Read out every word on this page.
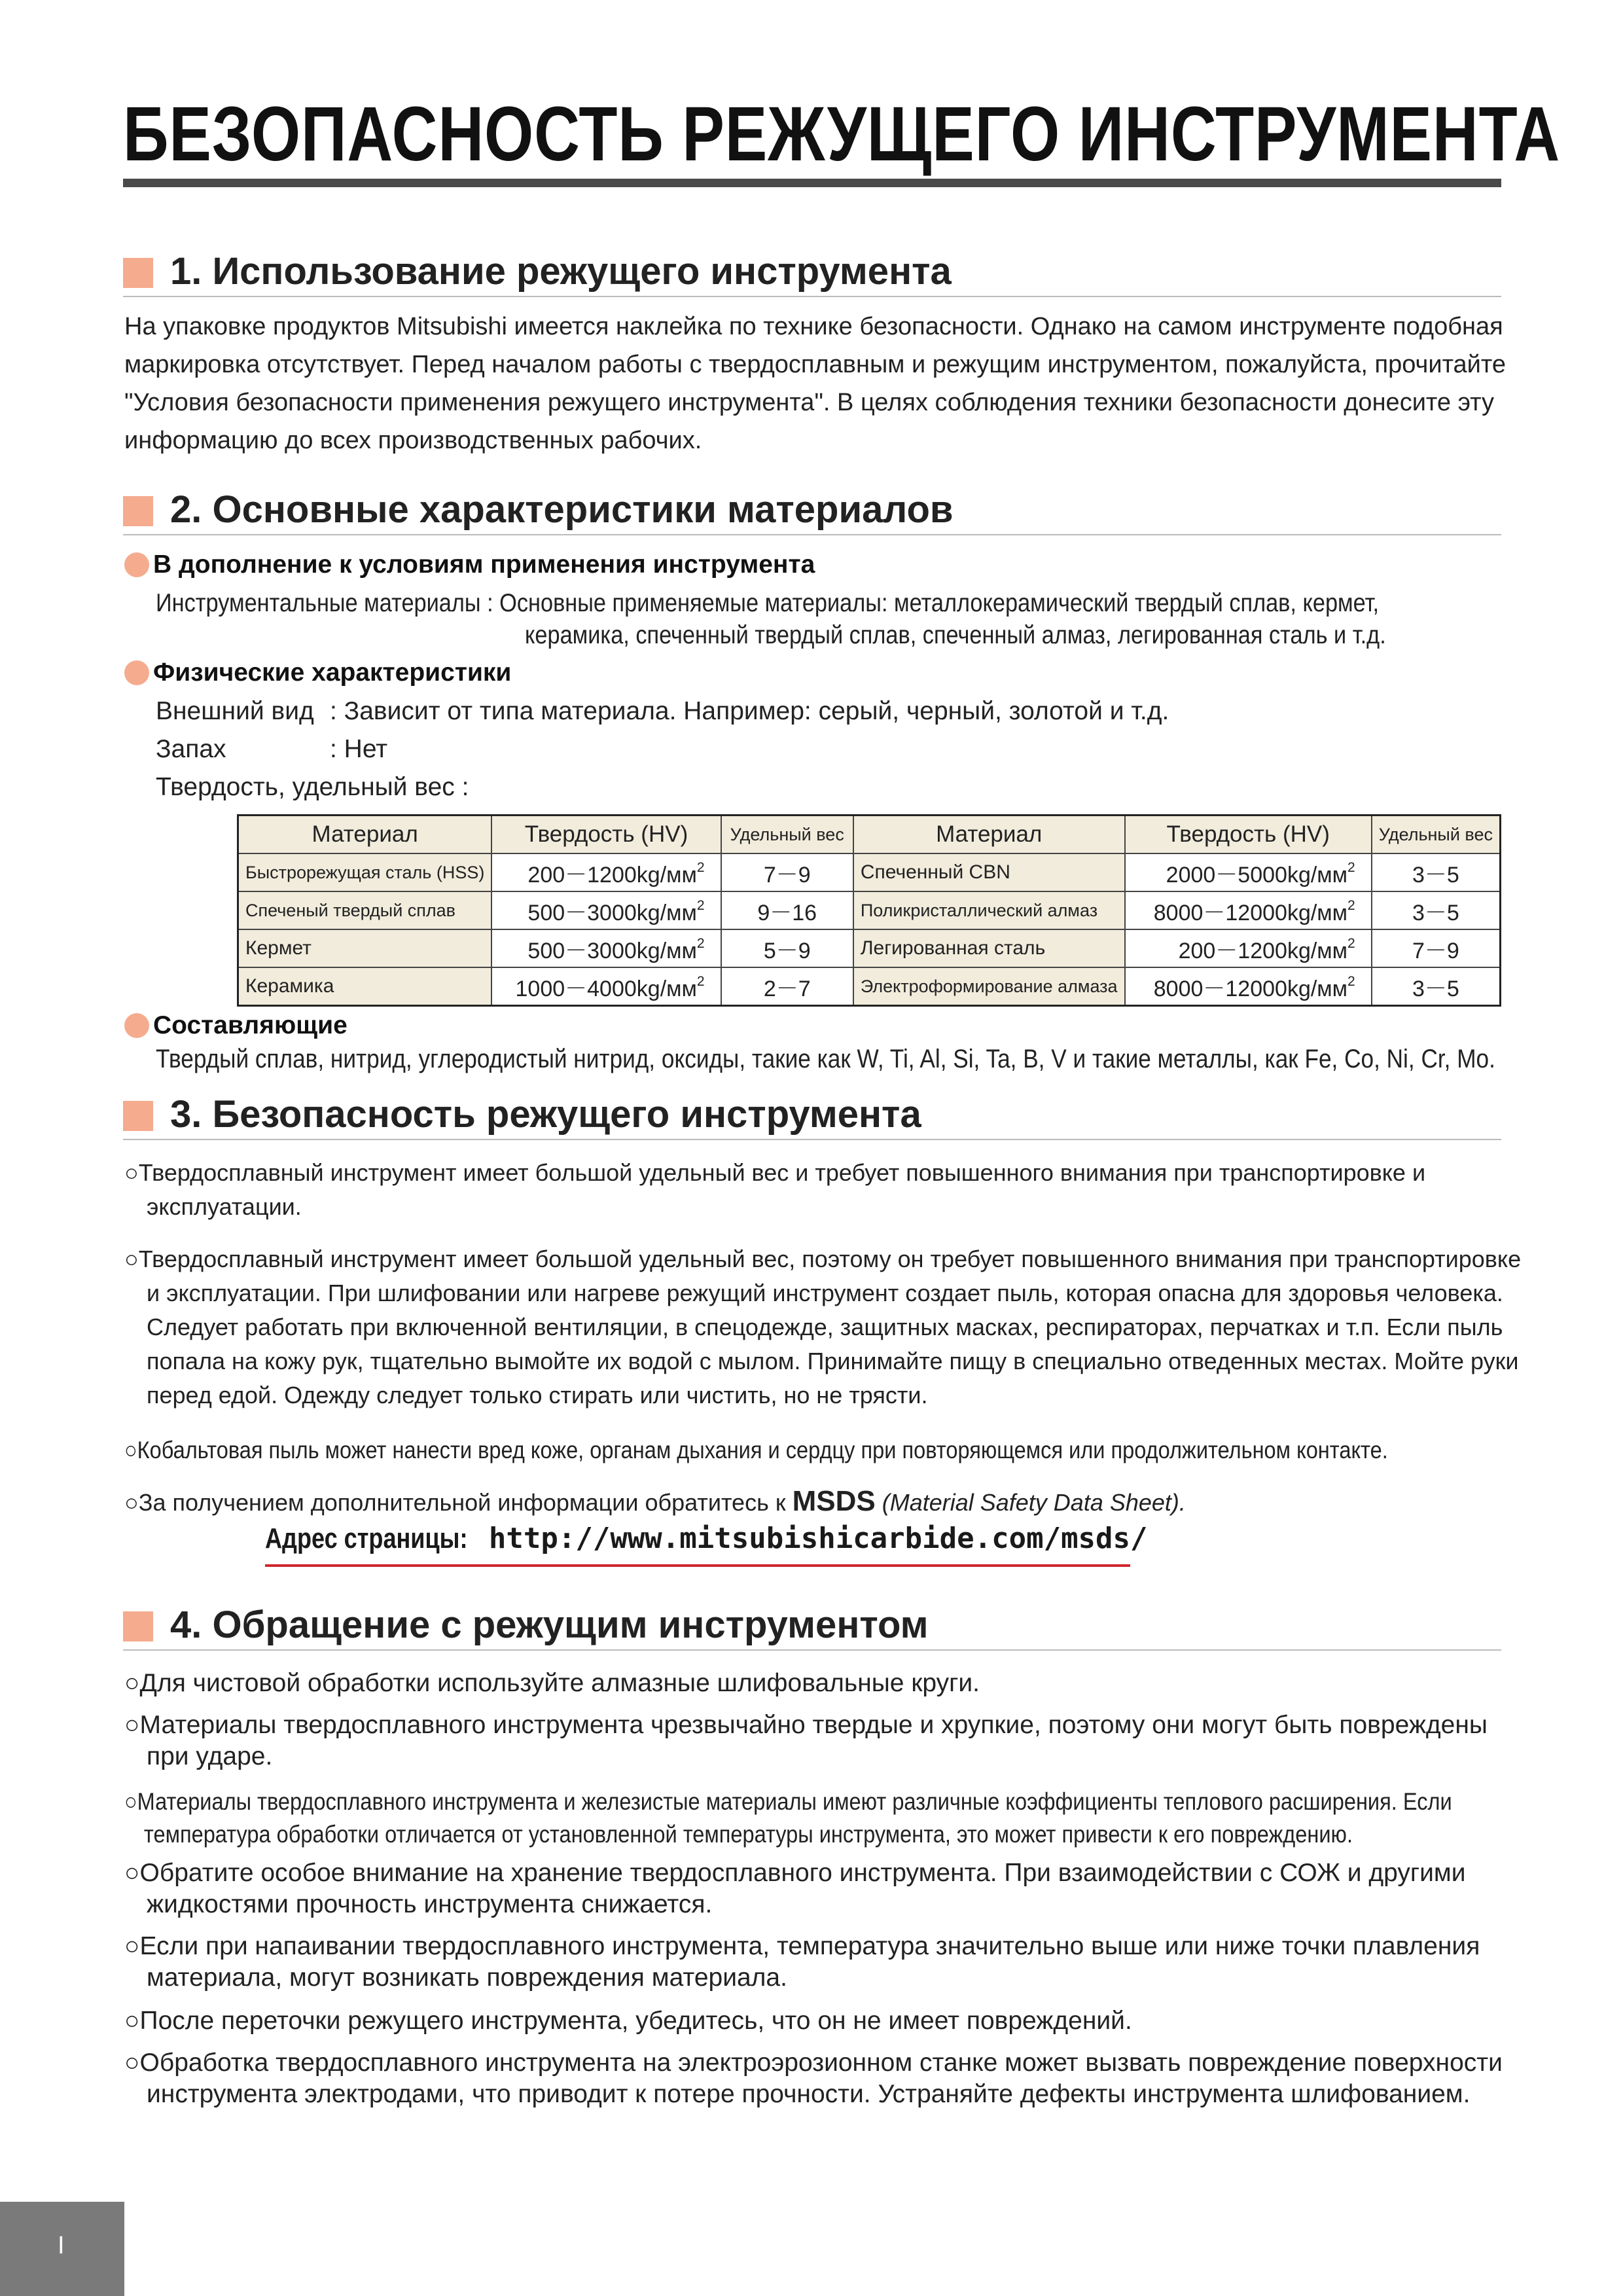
БЕЗОПАСНОСТЬ РЕЖУЩЕГО ИНСТРУМЕНТА
1. Использование режущего инструмента

На упаковке продуктов Mitsubishi имеется наклейка по технике безопасности. Однако на самом инструменте подобная маркировка отсутствует. Перед началом работы с твердосплавным и режущим инструментом, пожалуйста, прочитайте "Условия безопасности применения режущего инструмента". В целях соблюдения техники безопасности донесите эту информацию до всех производственных рабочих.

2. Основные характеристики материалов
В дополнение к условиям применения инструмента
Инструментальные материалы : Основные применяемые материалы: металлокерамический твердый сплав, кермет,
керамика, спеченный твердый сплав, спеченный алмаз, легированная сталь и т.д.
Физические характеристики
Внешний вид : Зависит от типа материала. Например: серый, черный, золотой и т.д.
Запах	: Нет
Твердость, удельный вес :
Материал	Твердость (HV)	Удельный вес	Материал	Твердость (HV)	Удельный вес
Быстрорежущая сталь (HSS)	$200-1200kg/мм^2$	7－9	Спеченный CBN	$2000-5000kg/мм^2$	3－5
Спеченый твердый сплав	$500-3000kg/мм^2$	9－16	Поликристаллический алмаз	$8000-12000kg/мм^2$	3－5
Кермет	$500-3000kg/мм^2$	5－9	Легированная сталь	$200-1200kg/мм^2$	7－9
Керамика	$1000-4000kg/мм^2$	2－7	Электроформирование алмаза	$8000-12000kg/мм^2$	3－5
Составляющие
Твердый сплав, нитрид, углеродистый нитрид, оксиды, такие как W, Ti, Al, Si, Ta, B, V и такие металлы, как Fe, Co, Ni, Cr, Mo.
3. Безопасность режущего инструмента

○Твердосплавный инструмент имеет большой удельный вес и требует повышенного внимания при транспортировке и эксплуатации.

○Твердосплавный инструмент имеет большой удельный вес, поэтому он требует повышенного внимания при транспортировке и эксплуатации. При шлифовании или нагреве режущий инструмент создает пыль, которая опасна для здоровья человека. Следует работать при включенной вентиляции, в спецодежде, защитных масках, респираторах, перчатках и т.п. Если пыль попала на кожу рук, тщательно вымойте их водой с мылом. Принимайте пищу в специально отведенных местах. Мойте руки перед едой. Одежду следует только стирать или чистить, но не трясти.

○Кобальтовая пыль может нанести вред коже, органам дыхания и сердцу при повторяющемся или продолжительном контакте.

○За получением дополнительной информации обратитесь к MSDS (Material Safety Data Sheet).

Адрес страницы: http://www.mitsubishicarbide.com/msds/
4. Обращение с режущим инструментом

○Для чистовой обработки используйте алмазные шлифовальные круги.

○Материалы твердосплавного инструмента чрезвычайно твердые и хрупкие, поэтому они могут быть повреждены при ударе.

○Материалы твердосплавного инструмента и железистые материалы имеют различные коэффициенты теплового расширения. Если температура обработки отличается от установленной температуры инструмента, это может привести к его повреждению.

○Обратите особое внимание на хранение твердосплавного инструмента. При взаимодействии с СОЖ и другими жидкостями прочность инструмента снижается.

○Если при напаивании твердосплавного инструмента, температура значительно выше или ниже точки плавления материала, могут возникать повреждения материала.

○После переточки режущего инструмента, убедитесь, что он не имеет повреждений.

○Обработка твердосплавного инструмента на электроэрозионном станке может вызвать повреждение поверхности инструмента электродами, что приводит к потере прочности. Устраняйте дефекты инструмента шлифованием.

I
